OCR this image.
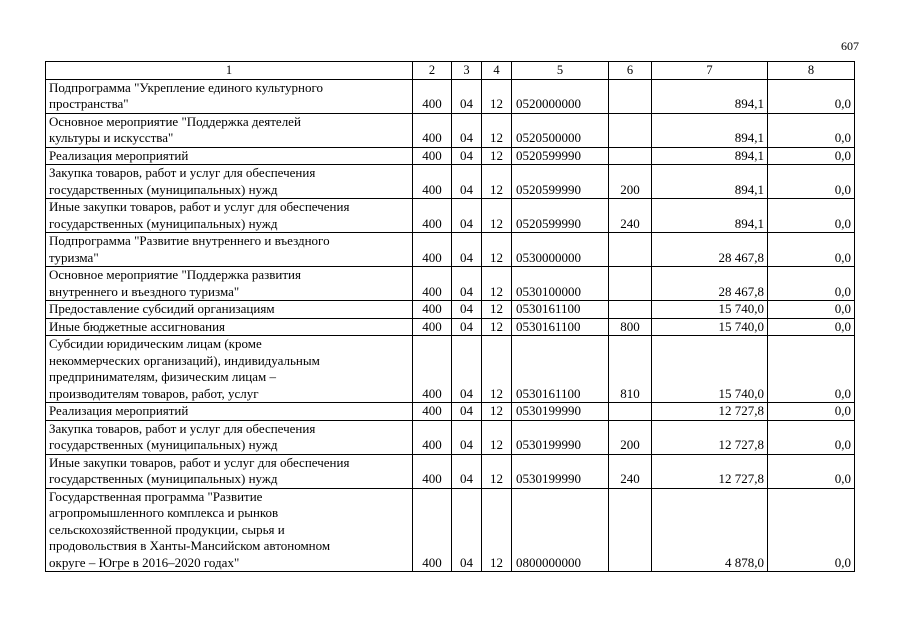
607
1	2	3	4	5	6	7	8
Подпрограмма "Укрепление единого культурного
пространства"	400	04	12	0520000000		894,1	0,0
Основное мероприятие "Поддержка деятелей
культуры и искусства"	400	04	12	0520500000		894,1	0,0
Реализация мероприятий	400	04	12	0520599990		894,1	0,0
Закупка товаров, работ и услуг для обеспечения
государственных (муниципальных) нужд	400	04	12	0520599990	200	894,1	0,0
Иные закупки товаров, работ и услуг для обеспечения
государственных (муниципальных) нужд	400	04	12	0520599990	240	894,1	0,0
Подпрограмма "Развитие внутреннего и въездного
туризма"	400	04	12	0530000000		28 467,8	0,0
Основное мероприятие "Поддержка развития
внутреннего и въездного туризма"	400	04	12	0530100000		28 467,8	0,0
Предоставление субсидий организациям	400	04	12	0530161100		15 740,0	0,0
Иные бюджетные ассигнования	400	04	12	0530161100	800	15 740,0	0,0
Субсидии юридическим лицам (кроме
некоммерческих организаций), индивидуальным
предпринимателям, физическим лицам –
производителям товаров, работ, услуг	400	04	12	0530161100	810	15 740,0	0,0
Реализация мероприятий	400	04	12	0530199990		12 727,8	0,0
Закупка товаров, работ и услуг для обеспечения
государственных (муниципальных) нужд	400	04	12	0530199990	200	12 727,8	0,0
Иные закупки товаров, работ и услуг для обеспечения
государственных (муниципальных) нужд	400	04	12	0530199990	240	12 727,8	0,0
Государственная программа "Развитие
агропромышленного комплекса и рынков
сельскохозяйственной продукции, сырья и
продовольствия в Ханты-Мансийском автономном
округе – Югре в 2016–2020 годах"	400	04	12	0800000000		4 878,0	0,0
